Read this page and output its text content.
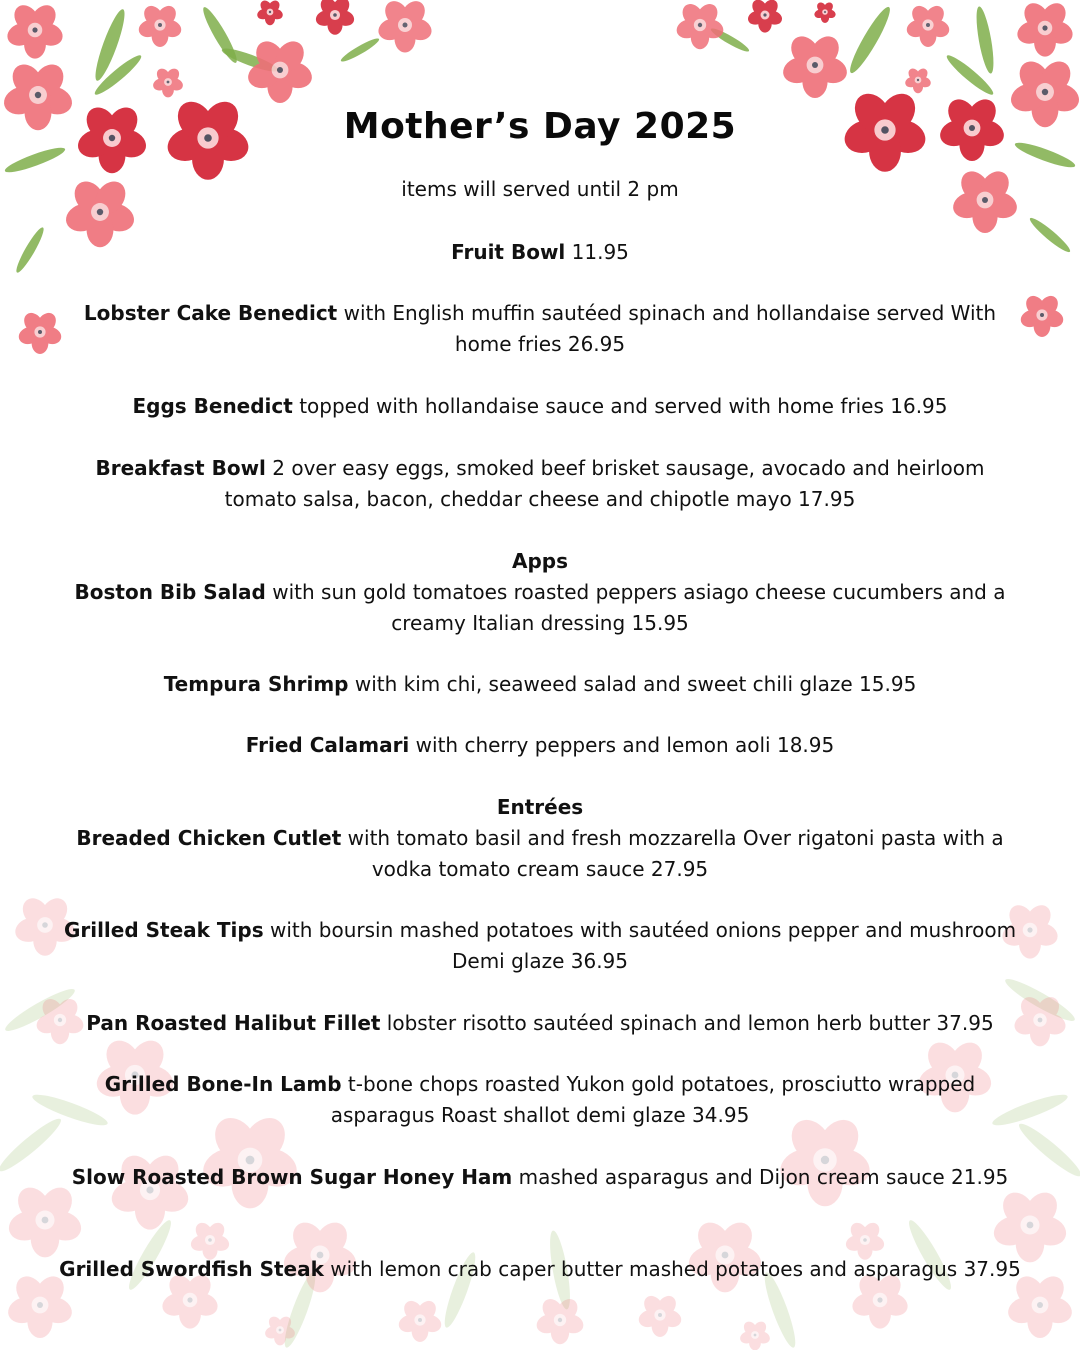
Mother’s Day 2025

items will served until 2 pm

Fruit Bowl 11.95

Lobster Cake Benedict with English muffin sautéed spinach and hollandaise served With home fries 26.95

Eggs Benedict topped with hollandaise sauce and served with home fries 16.95

Breakfast Bowl 2 over easy eggs, smoked beef brisket sausage, avocado and heirloom tomato salsa, bacon, cheddar cheese and chipotle mayo 17.95

Apps

Boston Bib Salad with sun gold tomatoes roasted peppers asiago cheese cucumbers and a creamy Italian dressing 15.95

Tempura Shrimp with kim chi, seaweed salad and sweet chili glaze 15.95

Fried Calamari with cherry peppers and lemon aoli 18.95

Entrées

Breaded Chicken Cutlet with tomato basil and fresh mozzarella Over rigatoni pasta with a vodka tomato cream sauce 27.95

Grilled Steak Tips with boursin mashed potatoes with sautéed onions pepper and mushroom Demi glaze 36.95

Pan Roasted Halibut Fillet lobster risotto sautéed spinach and lemon herb butter 37.95

Grilled Bone-In Lamb t-bone chops roasted Yukon gold potatoes, prosciutto wrapped asparagus Roast shallot demi glaze 34.95

Slow Roasted Brown Sugar Honey Ham mashed asparagus and Dijon cream sauce 21.95

Grilled Swordfish Steak with lemon crab caper butter mashed potatoes and asparagus 37.95
